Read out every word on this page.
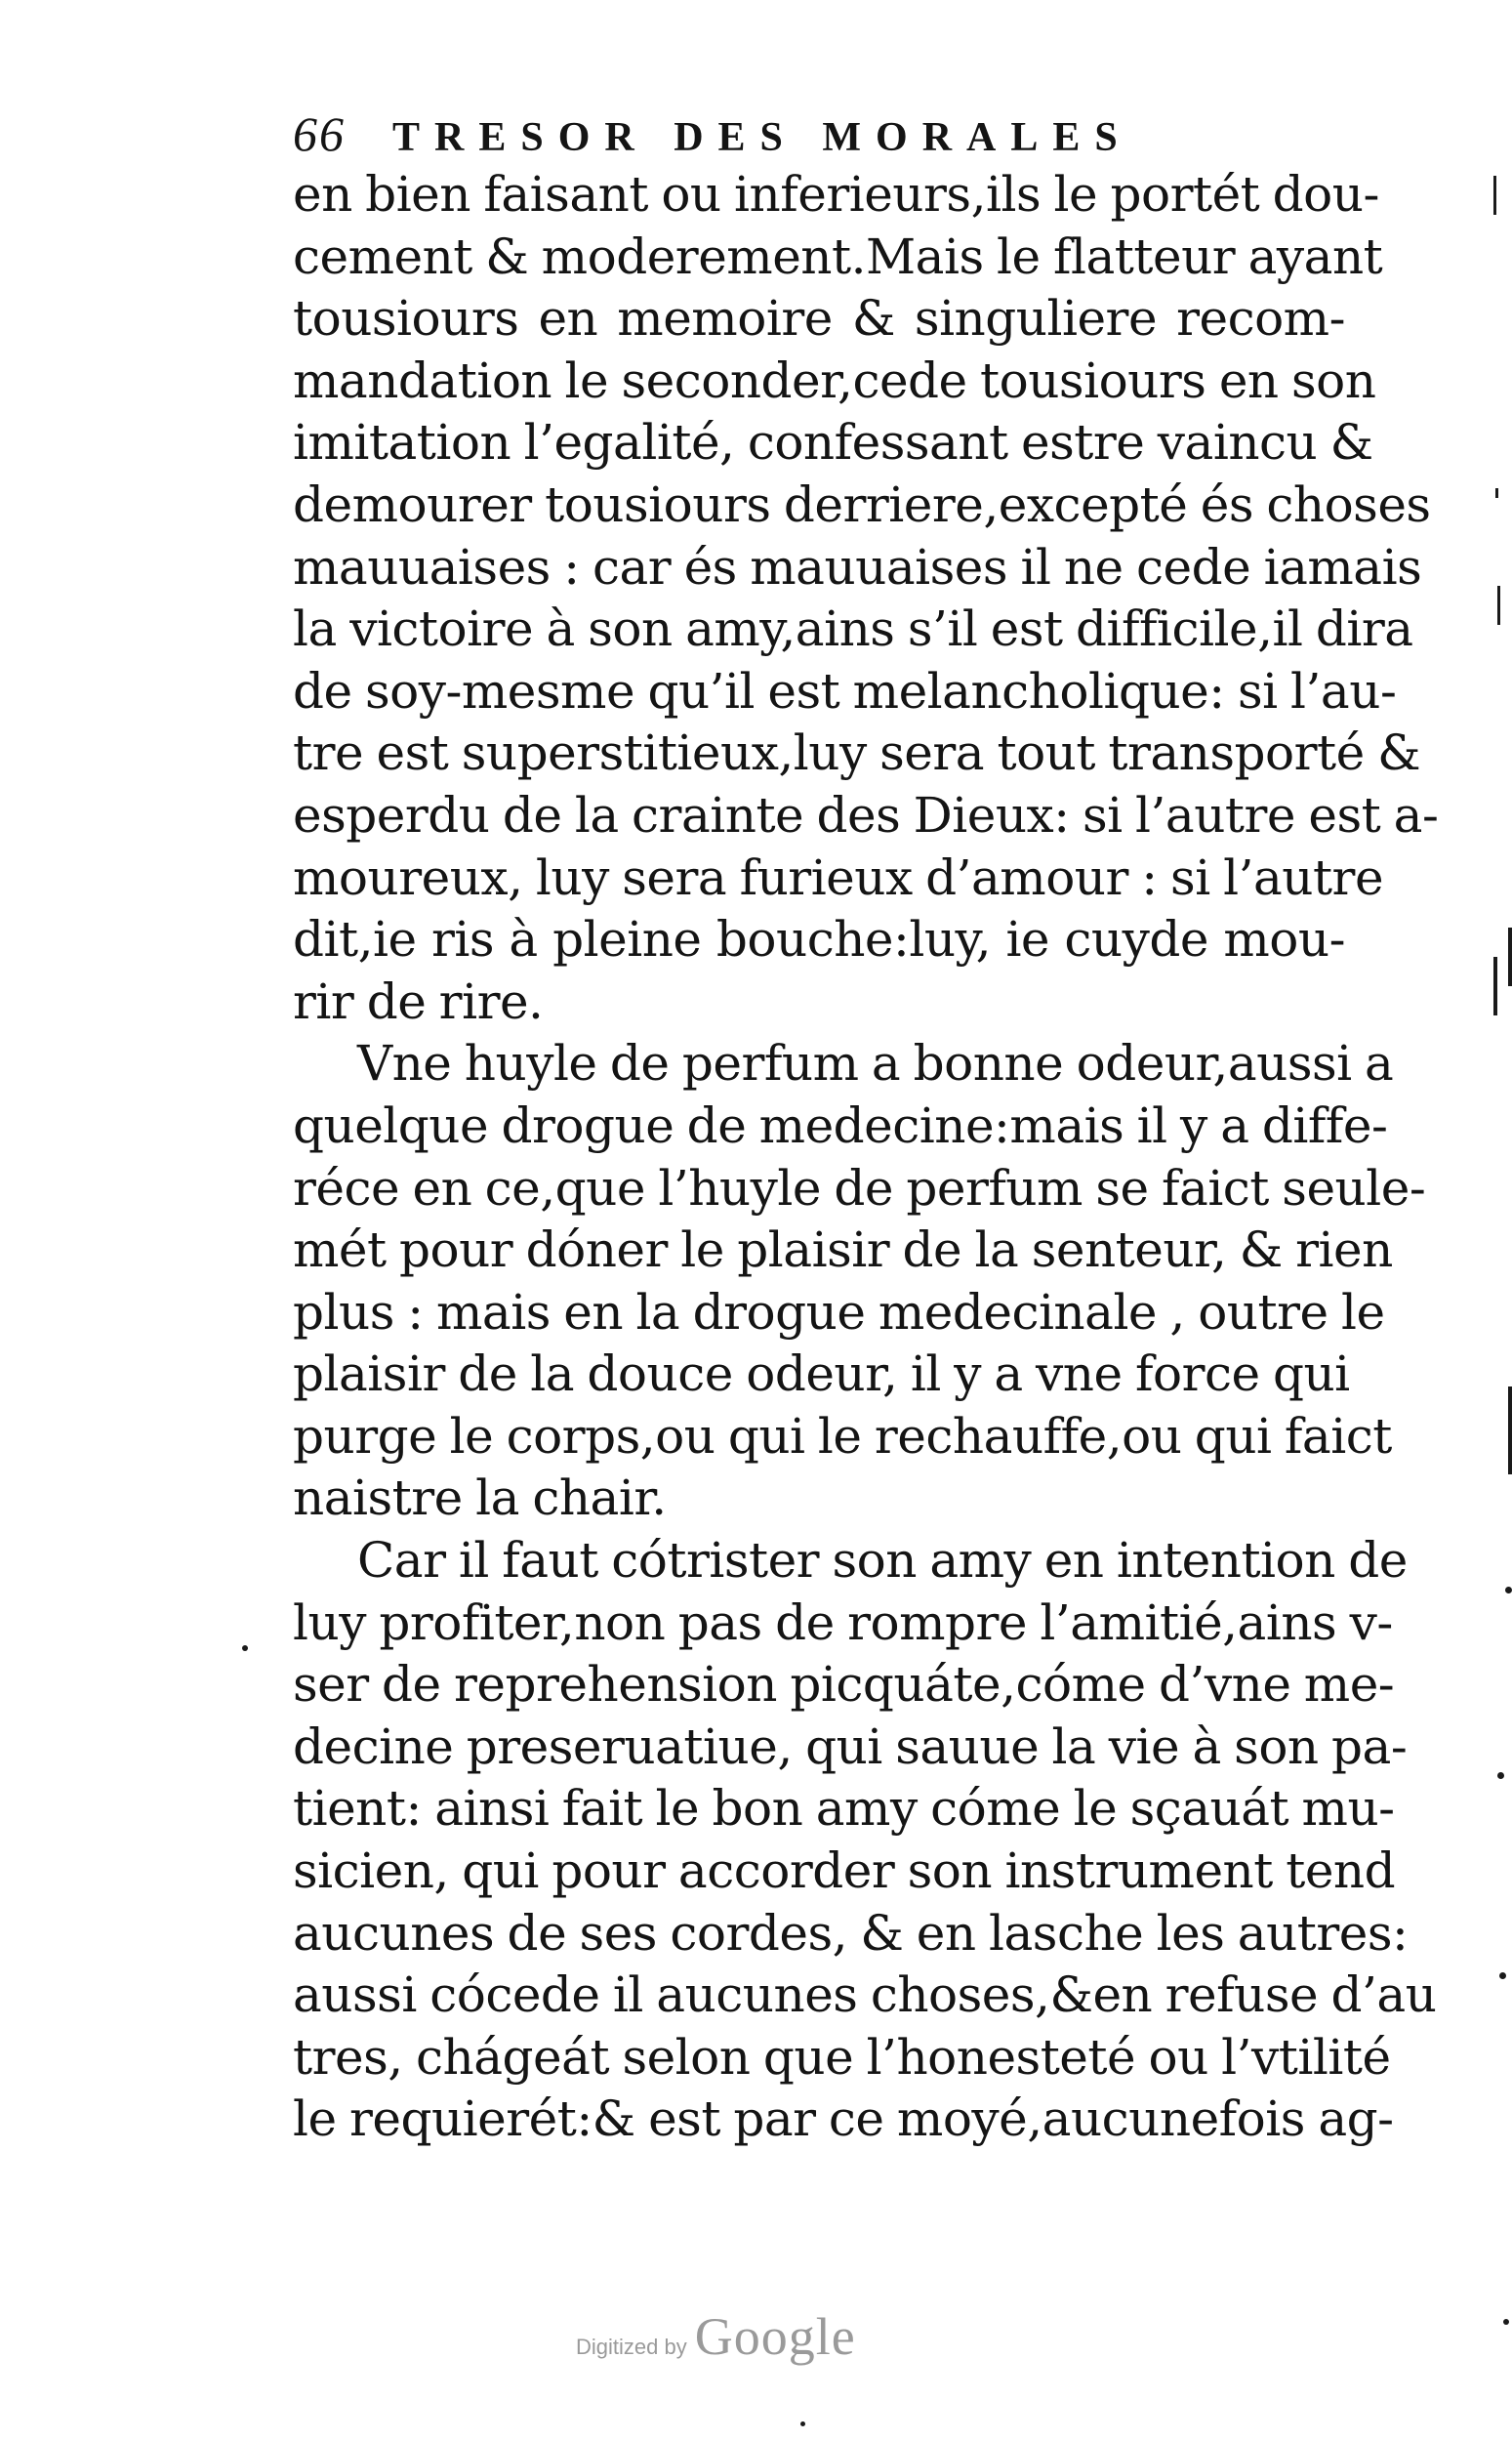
66 TRESOR DES MORALES
en bien faisant ou inferieurs,ils le portét dou-
cement & moderement.Mais le flatteur ayant
tousiours en memoire & singuliere recom-
mandation le seconder,cede tousiours en son
imitation l’egalité, confessant estre vaincu &
demourer tousiours derriere,excepté és choses
mauuaises : car és mauuaises il ne cede iamais
la victoire à son amy,ains s’il est difficile,il dira
de soy-mesme qu’il est melancholique: si l’au-
tre est superstitieux,luy sera tout transporté &
esperdu de la crainte des Dieux: si l’autre est a-
moureux, luy sera furieux d’amour : si l’autre
dit,ie ris à pleine bouche:luy, ie cuyde mou-
rir de rire.
Vne huyle de perfum a bonne odeur,aussi a
quelque drogue de medecine:mais il y a diffe-
réce en ce,que l’huyle de perfum se faict seule-
mét pour dóner le plaisir de la senteur, & rien
plus : mais en la drogue medecinale , outre le
plaisir de la douce odeur, il y a vne force qui
purge le corps,ou qui le rechauffe,ou qui faict
naistre la chair.
Car il faut cótrister son amy en intention de
luy profiter,non pas de rompre l’amitié,ains v-
ser de reprehension picquáte,cóme d’vne me-
decine preseruatiue, qui sauue la vie à son pa-
tient: ainsi fait le bon amy cóme le sçauát mu-
sicien, qui pour accorder son instrument tend
aucunes de ses cordes, & en lasche les autres:
aussi cócede il aucunes choses,&en refuse d’au
tres, chágeát selon que l’honesteté ou l’vtilité
le requierét:& est par ce moyé,aucunefois ag-
Digitized by Google
